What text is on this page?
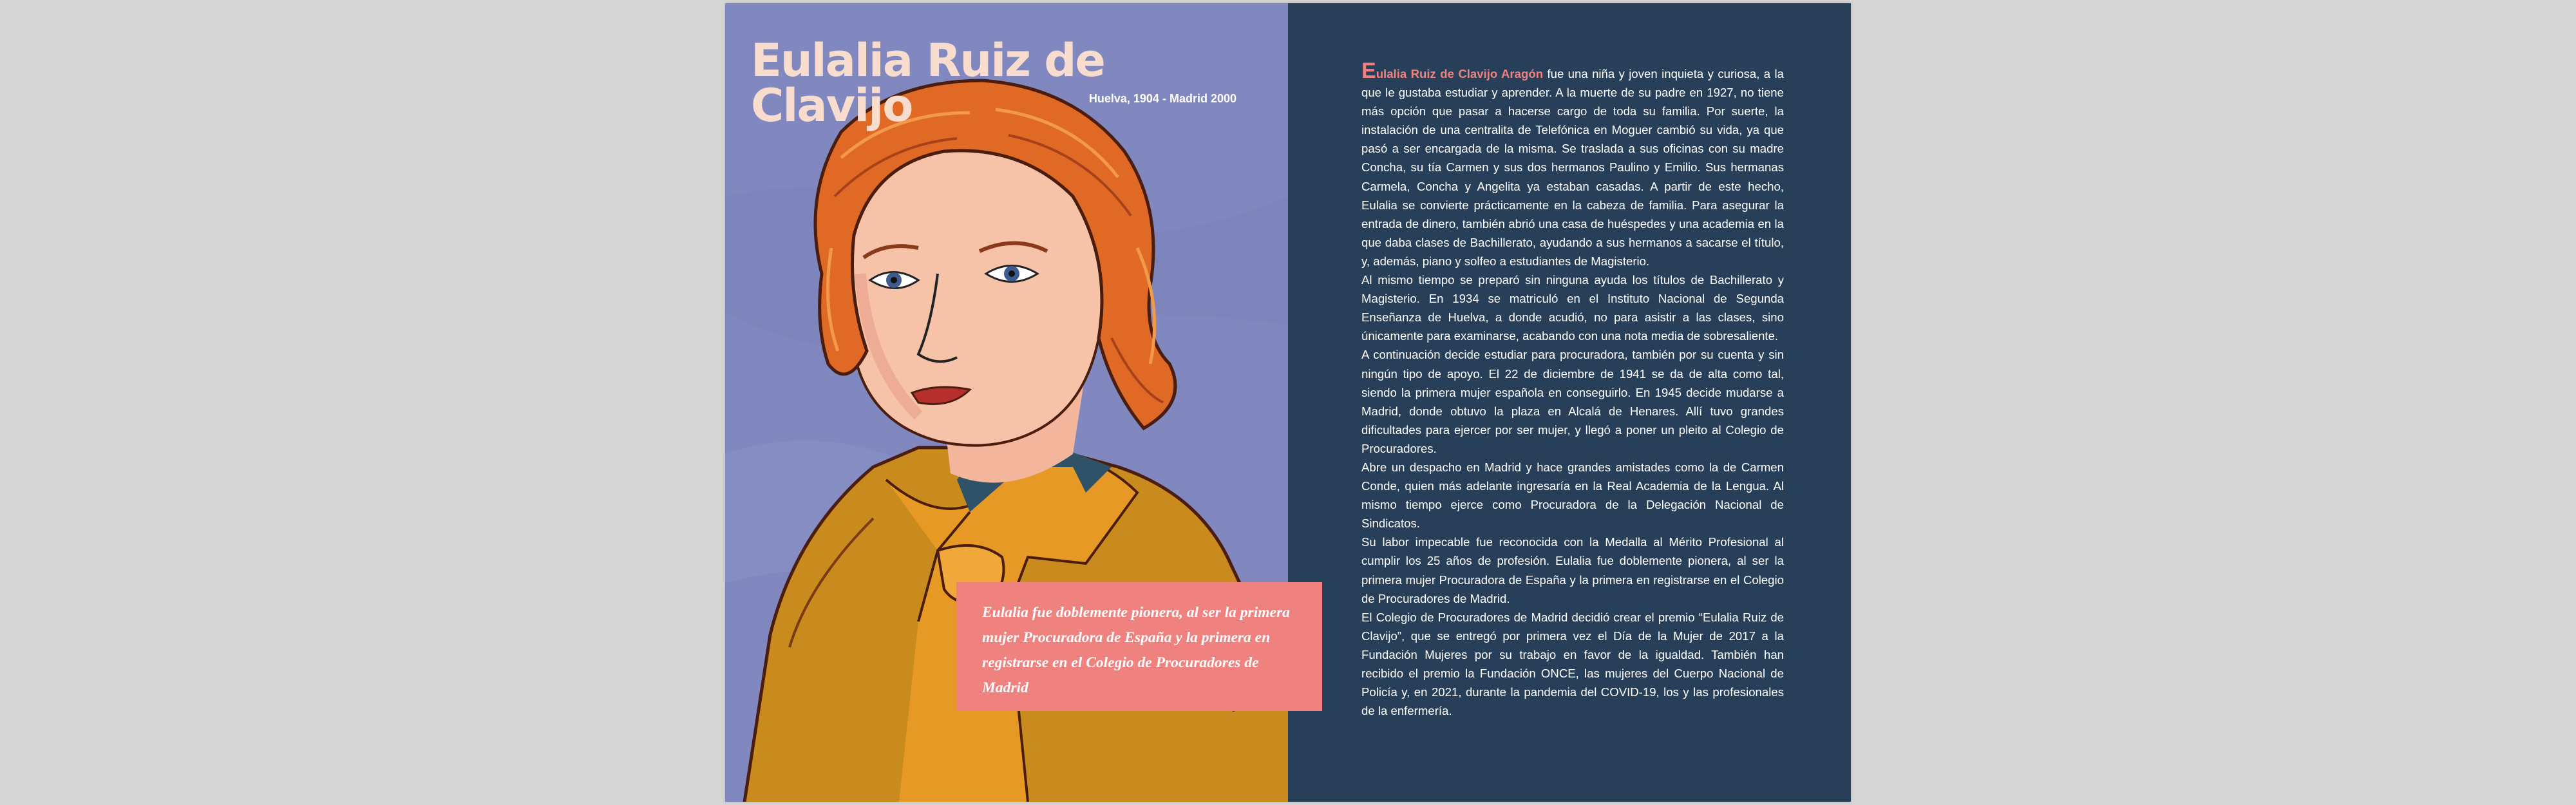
Eulalia Ruiz de Clavijo	Huelva, 1904 - Madrid 2000

Eulalia Ruiz de Clavijo Aragón fue una niña y joven inquieta y curiosa, a la que le gustaba estudiar y aprender. A la muerte de su padre en 1927, no tiene más opción que pasar a hacerse cargo de toda su familia. Por suerte, la instalación de una centralita de Telefónica en Moguer cambió su vida, ya que pasó a ser encargada de la misma. Se traslada a sus oficinas con su madre Concha, su tía Carmen y sus dos hermanos Paulino y Emilio. Sus hermanas Carmela, Concha y Angelita ya estaban casadas. A partir de este hecho, Eulalia se convierte prácticamente en la cabeza de familia. Para asegurar la entrada de dinero, también abrió una casa de huéspedes y una academia en la que daba clases de Bachillerato, ayudando a sus hermanos a sacarse el título, y, además, piano y solfeo a estudiantes de Magisterio.

Al mismo tiempo se preparó sin ninguna ayuda los títulos de Bachillerato y Magisterio. En 1934 se matriculó en el Instituto Nacional de Segunda Enseñanza de Huelva, a donde acudió, no para asistir a las clases, sino únicamente para examinarse, acabando con una nota media de sobresaliente.

A continuación decide estudiar para procuradora, también por su cuenta y sin ningún tipo de apoyo. El 22 de diciembre de 1941 se da de alta como tal, siendo la primera mujer española en conseguirlo. En 1945 decide mudarse a Madrid, donde obtuvo la plaza en Alcalá de Henares. Allí tuvo grandes dificultades para ejercer por ser mujer, y llegó a poner un pleito al Colegio de Procuradores.

Abre un despacho en Madrid y hace grandes amistades como la de Carmen Conde, quien más adelante ingresaría en la Real Academia de la Lengua. Al mismo tiempo ejerce como Procuradora de la Delegación Nacional de Sindicatos.

Su labor impecable fue reconocida con la Medalla al Mérito Profesional al cumplir los 25 años de profesión. Eulalia fue doblemente pionera, al ser la primera mujer Procuradora de España y la primera en registrarse en el Colegio de Procuradores de Madrid.

El Colegio de Procuradores de Madrid decidió crear el premio “Eulalia Ruiz de Clavijo”, que se entregó por primera vez el Día de la Mujer de 2017 a la Fundación Mujeres por su trabajo en favor de la igualdad. También han recibido el premio la Fundación ONCE, las mujeres del Cuerpo Nacional de Policía y, en 2021, durante la pandemia del COVID-19, los y las profesionales de la enfermería.

Eulalia fue doblemente pionera, al ser la primera mujer Procuradora de España y la primera en registrarse en el Colegio de Procuradores de Madrid
